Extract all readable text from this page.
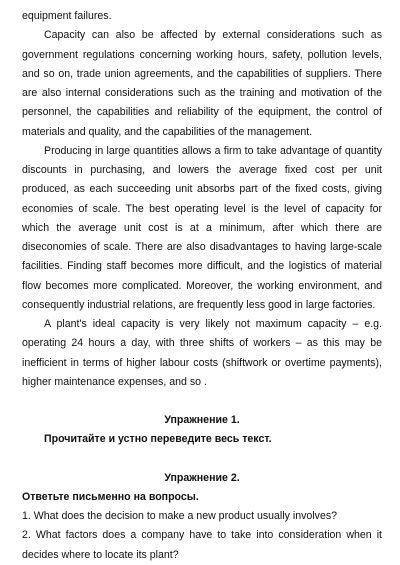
equipment failures.

Capacity can also be affected by external considerations such as government regulations concerning working hours, safety, pollution levels, and so on, trade union agreements, and the capabilities of suppliers. There are also internal considerations such as the training and motivation of the personnel, the capabilities and reliability of the equipment, the control of materials and quality, and the capabilities of the management.

Producing in large quantities allows a firm to take advantage of quantity discounts in purchasing, and lowers the average fixed cost per unit produced, as each succeeding unit absorbs part of the fixed costs, giving economies of scale. The best operating level is the level of capacity for which the average unit cost is at a minimum, after which there are diseconomies of scale. There are also disadvantages to having large-scale facilities. Finding staff becomes more difficult, and the logistics of material flow becomes more complicated. Moreover, the working environment, and consequently industrial relations, are frequently less good in large factories.

A plant's ideal capacity is very likely not maximum capacity – e.g. operating 24 hours a day, with three shifts of workers – as this may be inefficient in terms of higher labour costs (shiftwork or overtime payments), higher maintenance expenses, and so .

Упражнение 1.

Прочитайте и устно переведите весь текст.

Упражнение 2.

Ответьте письменно на вопросы.

1. What does the decision to make a new product usually involves?

2. What factors does a company have to take into consideration when it decides where to locate its plant?
